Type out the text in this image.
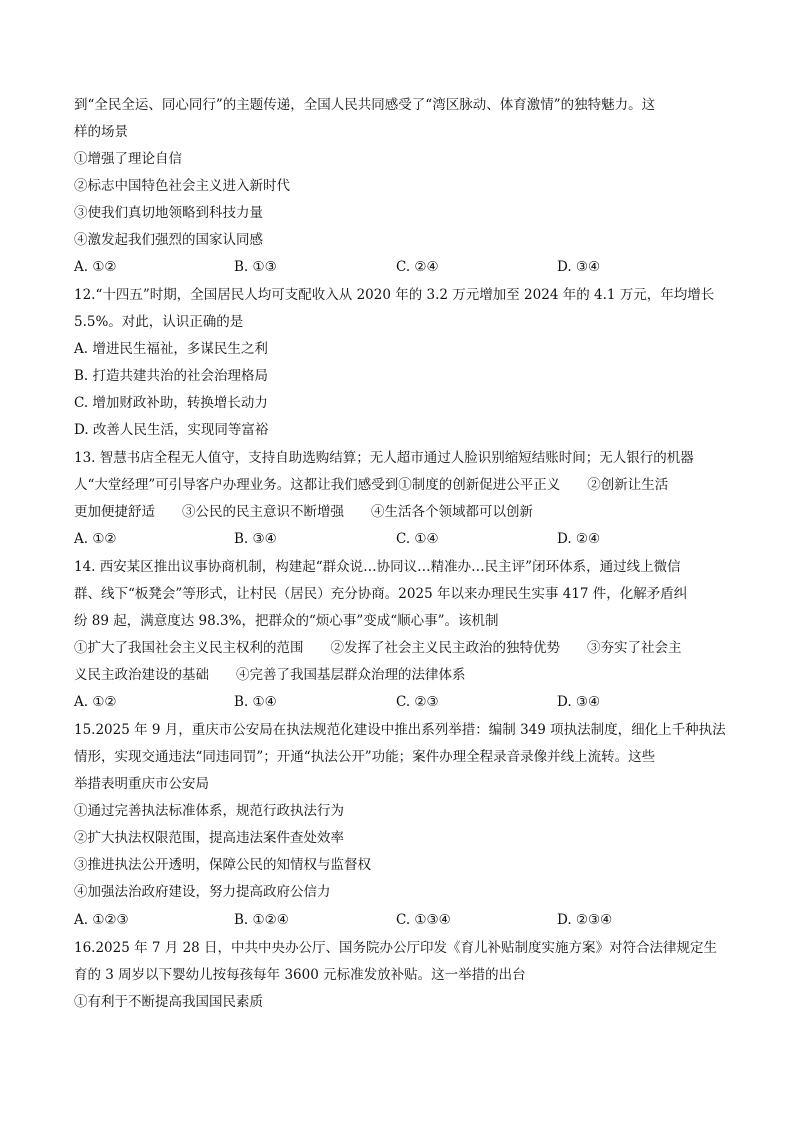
到“全民全运、同心同行”的主题传递，全国人民共同感受了“湾区脉动、体育激情”的独特魅力。这
样的场景
①增强了理论自信
②标志中国特色社会主义进入新时代
③使我们真切地领略到科技力量
④激发起我们强烈的国家认同感
A. ①②	B. ①③	C. ②④	D. ③④
12.“十四五”时期，全国居民人均可支配收入从 2020 年的 3.2 万元增加至 2024 年的 4.1 万元，年均增长
5.5%。对此，认识正确的是
A. 增进民生福祉，多谋民生之利
B. 打造共建共治的社会治理格局
C. 增加财政补助，转换增长动力
D. 改善人民生活，实现同等富裕
13. 智慧书店全程无人值守，支持自助选购结算；无人超市通过人脸识别缩短结账时间；无人银行的机器
人“大堂经理”可引导客户办理业务。这都让我们感受到①制度的创新促进公平正义　　②创新让生活
更加便捷舒适　　③公民的民主意识不断增强　　④生活各个领域都可以创新
A. ①②	B. ③④	C. ①④	D. ②④
14. 西安某区推出议事协商机制，构建起“群众说…协同议…精准办…民主评”闭环体系，通过线上微信
群、线下“板凳会”等形式，让村民（居民）充分协商。2025 年以来办理民生实事 417 件，化解矛盾纠
纷 89 起，满意度达 98.3%，把群众的“烦心事”变成“顺心事”。该机制
①扩大了我国社会主义民主权利的范围　　②发挥了社会主义民主政治的独特优势　　③夯实了社会主
义民主政治建设的基础　　④完善了我国基层群众治理的法律体系
A. ①②	B. ①④	C. ②③	D. ③④
15.2025 年 9 月，重庆市公安局在执法规范化建设中推出系列举措：编制 349 项执法制度，细化上千种执法
情形，实现交通违法“同违同罚”；开通“执法公开”功能；案件办理全程录音录像并线上流转。这些
举措表明重庆市公安局
①通过完善执法标准体系，规范行政执法行为
②扩大执法权限范围，提高违法案件查处效率
③推进执法公开透明，保障公民的知情权与监督权
④加强法治政府建设，努力提高政府公信力
A. ①②③	B. ①②④	C. ①③④	D. ②③④
16.2025 年 7 月 28 日，中共中央办公厅、国务院办公厅印发《育儿补贴制度实施方案》对符合法律规定生
育的 3 周岁以下婴幼儿按每孩每年 3600 元标准发放补贴。这一举措的出台
①有利于不断提高我国国民素质
